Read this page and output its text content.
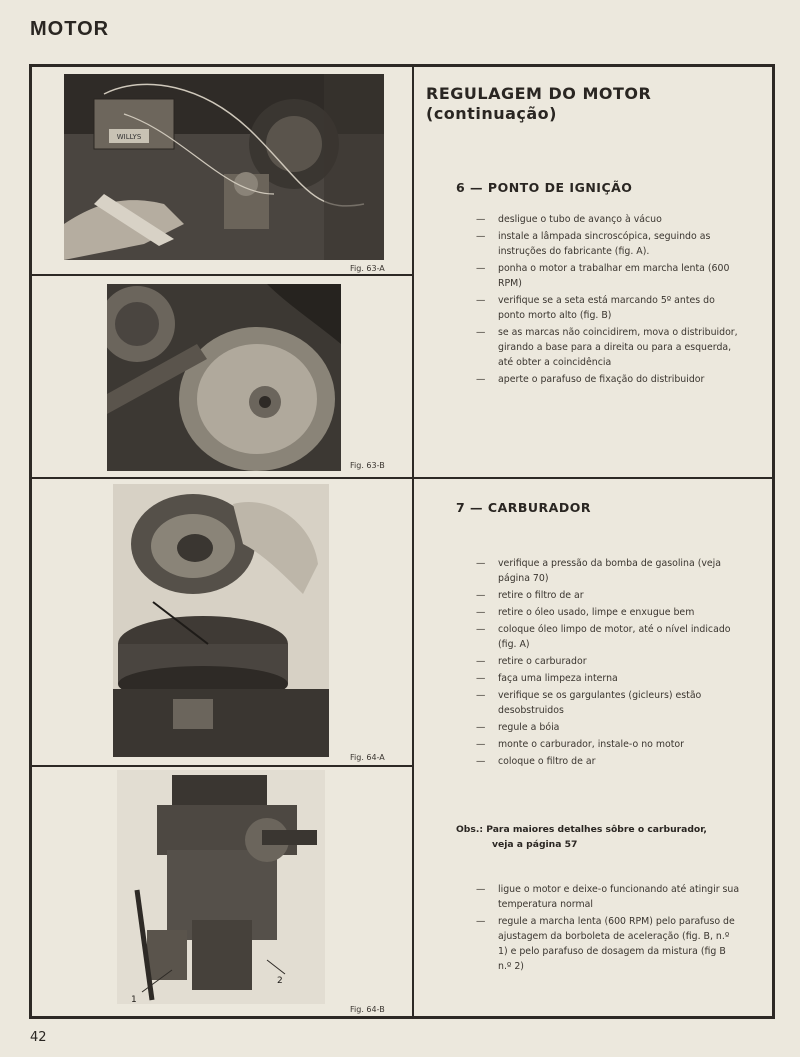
MOTOR
WILLYS
Fig. 63-A
Fig. 63-B
Fig. 64-A
2
1
Fig. 64-B
REGULAGEM DO MOTOR
(continuação)
6 — PONTO DE IGNIÇÃO
— desligue o tubo de avanço à vácuo
— instale a lâmpada sincroscópica, seguindo as instruções do fabricante (fig. A).
— ponha o motor a trabalhar em marcha lenta (600 RPM)
— verifique se a seta está marcando 5º antes do ponto morto alto (fig. B)
— se as marcas não coincidirem, mova o distribuidor, girando a base para a direita ou para a esquerda, até obter a coincidência
— aperte o parafuso de fixação do distribuidor
7 — CARBURADOR
— verifique a pressão da bomba de gasolina (veja página 70)
— retire o filtro de ar
— retire o óleo usado, limpe e enxugue bem
— coloque óleo limpo de motor, até o nível indicado (fig. A)
— retire o carburador
— faça uma limpeza interna
— verifique se os gargulantes (gicleurs) estão desobstruidos
— regule a bóia
— monte o carburador, instale-o no motor
— coloque o filtro de ar
Obs.: Para maiores detalhes sôbre o carburador,
veja a página 57
— ligue o motor e deixe-o funcionando até atingir sua temperatura normal
— regule a marcha lenta (600 RPM) pelo parafuso de ajustagem da borboleta de aceleração (fig. B, n.º 1) e pelo parafuso de dosagem da mistura (fig B n.º 2)
42
